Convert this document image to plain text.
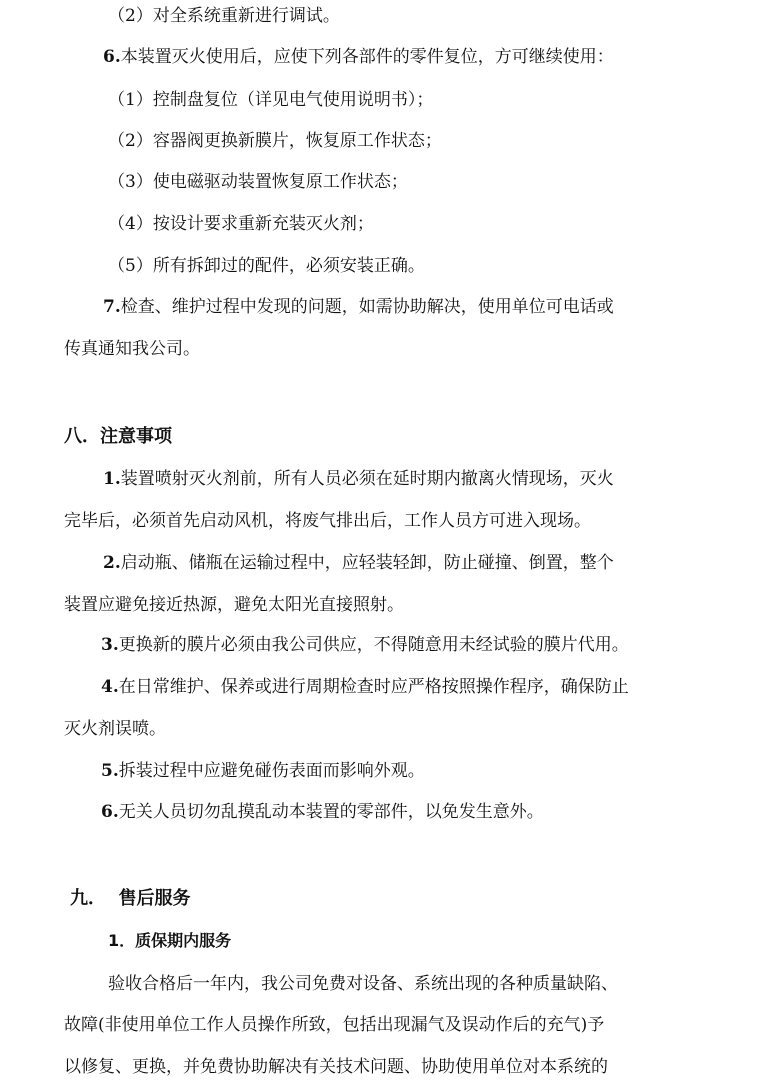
（2）对全系统重新进行调试。
6.本装置灭火使用后，应使下列各部件的零件复位，方可继续使用：
（1）控制盘复位（详见电气使用说明书）；
（2）容器阀更换新膜片，恢复原工作状态；
（3）使电磁驱动装置恢复原工作状态；
（4）按设计要求重新充装灭火剂；
（5）所有拆卸过的配件，必须安装正确。
7.检查、维护过程中发现的问题，如需协助解决，使用单位可电话或
传真通知我公司。
八．注意事项
1.装置喷射灭火剂前，所有人员必须在延时期内撤离火情现场，灭火
完毕后，必须首先启动风机，将废气排出后，工作人员方可进入现场。
2.启动瓶、储瓶在运输过程中，应轻装轻卸，防止碰撞、倒置，整个
装置应避免接近热源，避免太阳光直接照射。
3.更换新的膜片必须由我公司供应，不得随意用未经试验的膜片代用。
4.在日常维护、保养或进行周期检查时应严格按照操作程序，确保防止
灭火剂误喷。
5.拆装过程中应避免碰伤表面而影响外观。
6.无关人员切勿乱摸乱动本装置的零部件，以免发生意外。
九．  售后服务
1．质保期内服务
验收合格后一年内，我公司免费对设备、系统出现的各种质量缺陷、
故障(非使用单位工作人员操作所致，包括出现漏气及误动作后的充气)予
以修复、更换，并免费协助解决有关技术问题、协助使用单位对本系统的
